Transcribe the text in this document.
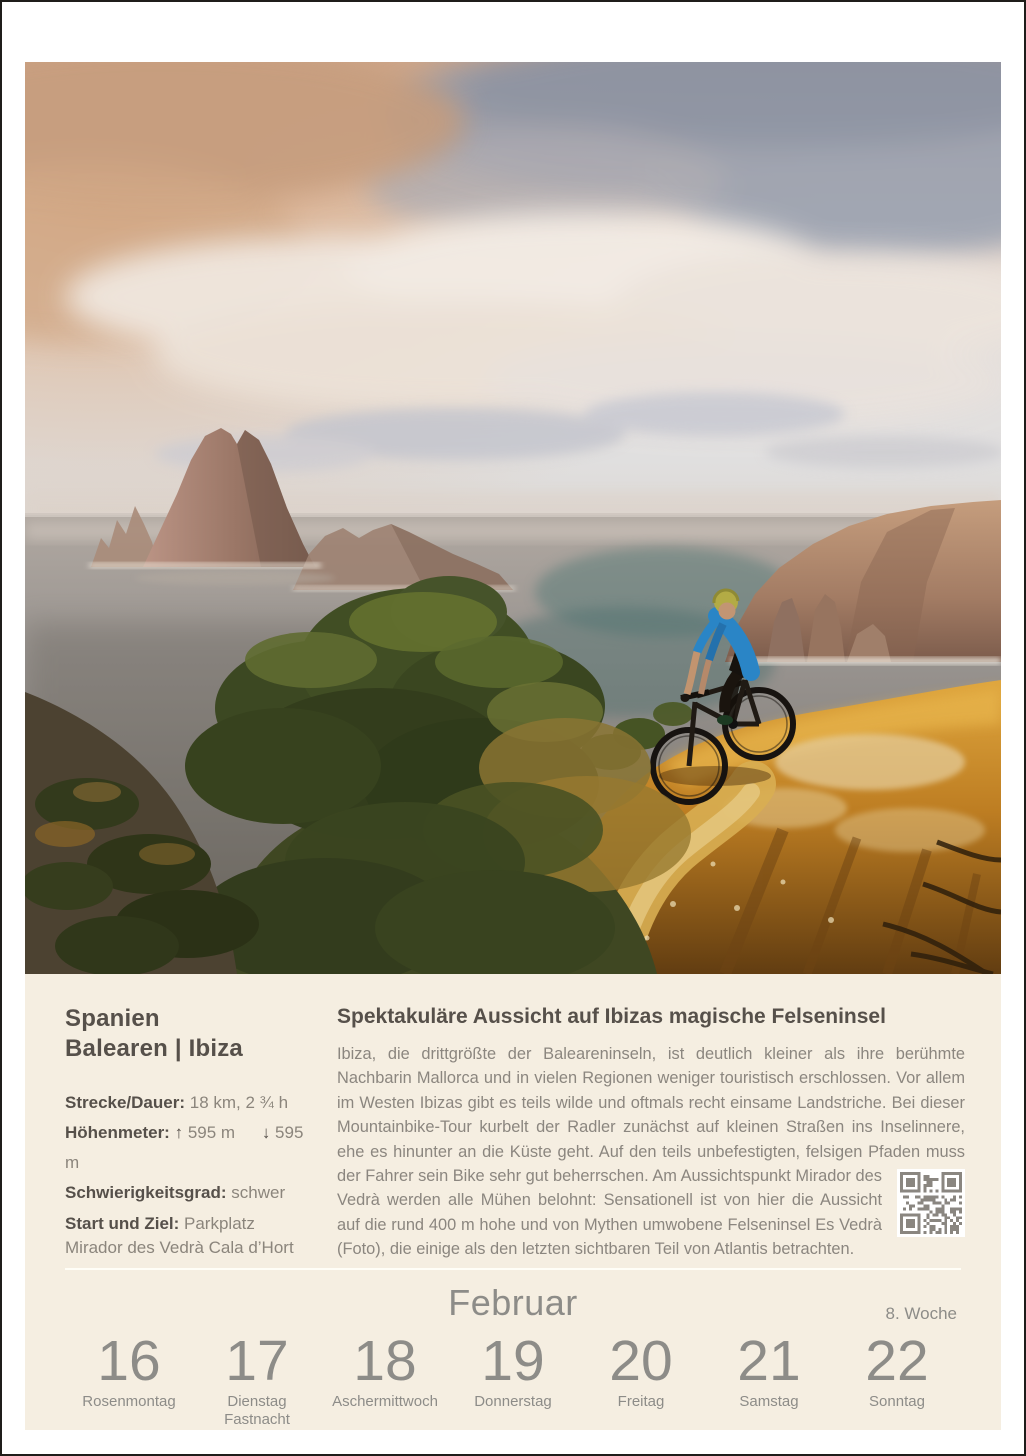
Spanien
Balearen | Ibiza
Strecke/Dauer: 18 km, 2 ¾ h
Höhenmeter: ↑ 595 m ↓ 595 m
Schwierigkeitsgrad: schwer
Start und Ziel: Parkplatz Mirador des Vedrà Cala d’Hort
Spektakuläre Aussicht auf Ibizas magische Felseninsel

Ibiza, die drittgrößte der Baleareninseln, ist deutlich kleiner als ihre berühmte Nachbarin Mallorca und in vielen Regionen weniger touristisch erschlossen. Vor allem im Westen Ibizas gibt es teils wilde und oftmals recht einsame Landstriche. Bei dieser Mountainbike-Tour kurbelt der Radler zunächst auf kleinen Straßen ins Inselinnere, ehe es hinunter an die Küste geht. Auf den teils unbefestigten, felsigen Pfaden muss der
Fahrer sein Bike sehr gut beherrschen. Am Aussichtspunkt Mirador des Vedrà werden alle Mühen belohnt: Sensationell ist von hier die Aussicht auf die rund 400 m hohe und von Mythen umwobene Felseninsel Es Vedrà (Foto), die einige als den letzten sichtbaren Teil von Atlantis betrachten.

Februar	8. Woche
16
Rosenmontag
17
Dienstag
Fastnacht
18
Aschermittwoch
19
Donnerstag
20
Freitag
21
Samstag
22
Sonntag
